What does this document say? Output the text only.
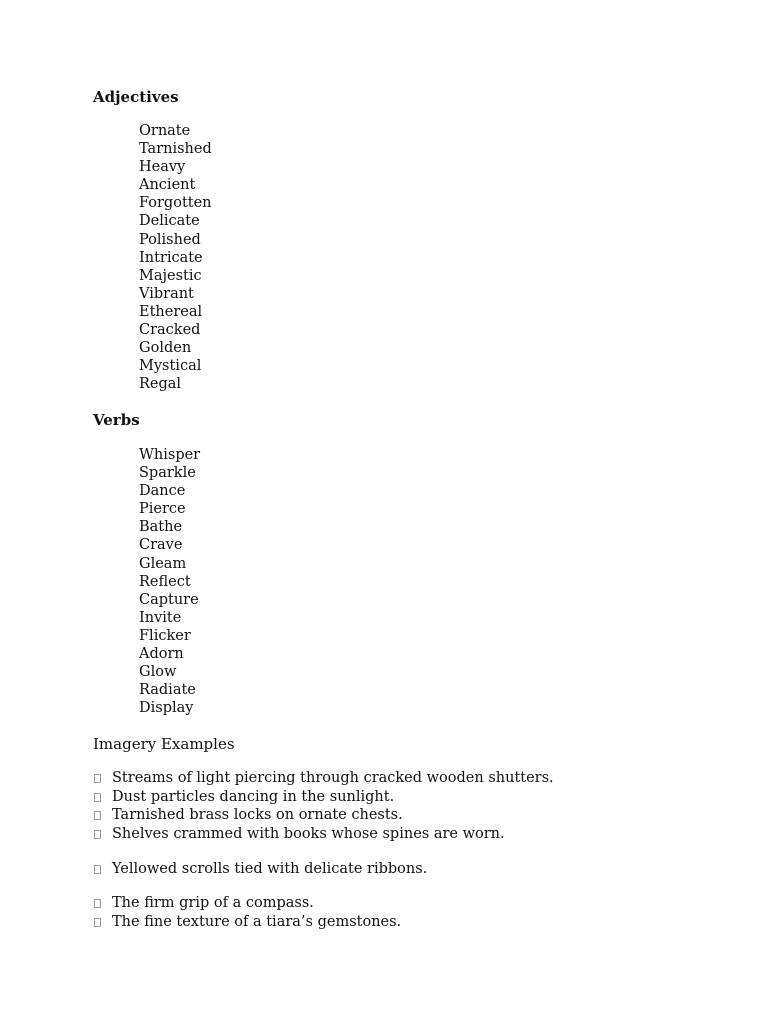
Adjectives
Ornate
Tarnished
Heavy
Ancient
Forgotten
Delicate
Polished
Intricate
Majestic
Vibrant
Ethereal
Cracked
Golden
Mystical
Regal
Verbs
Whisper
Sparkle
Dance
Pierce
Bathe
Crave
Gleam
Reflect
Capture
Invite
Flicker
Adorn
Glow
Radiate
Display
Imagery Examples
Streams of light piercing through cracked wooden shutters.
Dust particles dancing in the sunlight.
Tarnished brass locks on ornate chests.
Shelves crammed with books whose spines are worn.
Yellowed scrolls tied with delicate ribbons.
The firm grip of a compass.
The fine texture of a tiara’s gemstones.
